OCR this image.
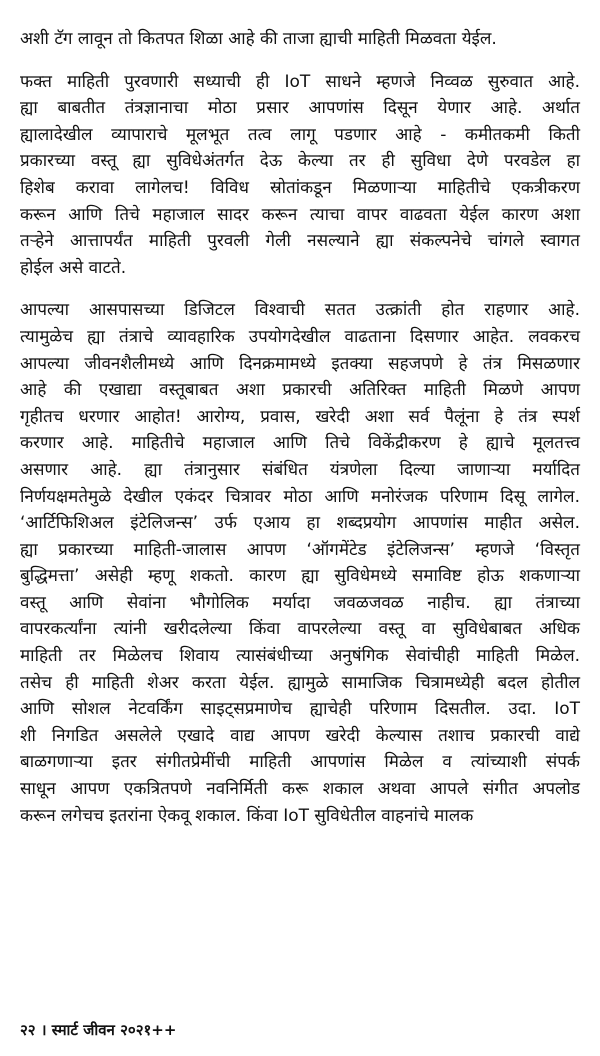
अशी टॅग लावून तो कितपत शिळा आहे की ताजा ह्याची माहिती मिळवता येईल.
फक्त माहिती पुरवणारी सध्याची ही IoT साधने म्हणजे निव्वळ सुरुवात आहे.
ह्या बाबतीत तंत्रज्ञानाचा मोठा प्रसार आपणांस दिसून येणार आहे. अर्थात
ह्यालादेखील व्यापाराचे मूलभूत तत्व लागू पडणार आहे - कमीतकमी किती
प्रकारच्या वस्तू ह्या सुविधेअंतर्गत देऊ केल्या तर ही सुविधा देणे परवडेल हा
हिशेब करावा लागेलच! विविध स्रोतांकडून मिळणाऱ्या माहितीचे एकत्रीकरण
करून आणि तिचे महाजाल सादर करून त्याचा वापर वाढवता येईल कारण अशा
तऱ्हेने आत्तापर्यंत माहिती पुरवली गेली नसल्याने ह्या संकल्पनेचे चांगले स्वागत
होईल असे वाटते.
आपल्या आसपासच्या डिजिटल विश्वाची सतत उत्क्रांती होत राहणार आहे.
त्यामुळेच ह्या तंत्राचे व्यावहारिक उपयोगदेखील वाढताना दिसणार आहेत. लवकरच
आपल्या जीवनशैलीमध्ये आणि दिनक्रमामध्ये इतक्या सहजपणे हे तंत्र मिसळणार
आहे की एखाद्या वस्तूबाबत अशा प्रकारची अतिरिक्त माहिती मिळणे आपण
गृहीतच धरणार आहोत! आरोग्य, प्रवास, खरेदी अशा सर्व पैलूंना हे तंत्र स्पर्श
करणार आहे. माहितीचे महाजाल आणि तिचे विकेंद्रीकरण हे ह्याचे मूलतत्त्व
असणार आहे. ह्या तंत्रानुसार संबंधित यंत्रणेला दिल्या जाणाऱ्या मर्यादित
निर्णयक्षमतेमुळे देखील एकंदर चित्रावर मोठा आणि मनोरंजक परिणाम दिसू लागेल.
‘आर्टिफिशिअल इंटेलिजन्स’ उर्फ एआय हा शब्दप्रयोग आपणांस माहीत असेल.
ह्या प्रकारच्या माहिती-जालास आपण ‘ऑगमेंटेड इंटेलिजन्स’ म्हणजे ‘विस्तृत
बुद्धिमत्ता’ असेही म्हणू शकतो. कारण ह्या सुविधेमध्ये समाविष्ट होऊ शकणाऱ्या
वस्तू आणि सेवांना भौगोलिक मर्यादा जवळजवळ नाहीच. ह्या तंत्राच्या
वापरकर्त्यांना त्यांनी खरीदलेल्या किंवा वापरलेल्या वस्तू वा सुविधेबाबत अधिक
माहिती तर मिळेलच शिवाय त्यासंबंधीच्या अनुषंगिक सेवांचीही माहिती मिळेल.
तसेच ही माहिती शेअर करता येईल. ह्यामुळे सामाजिक चित्रामध्येही बदल होतील
आणि सोशल नेटवर्किंग साइट्सप्रमाणेच ह्याचेही परिणाम दिसतील. उदा. IoT
शी निगडित असलेले एखादे वाद्य आपण खरेदी केल्यास तशाच प्रकारची वाद्ये
बाळगणाऱ्या इतर संगीतप्रेमींची माहिती आपणांस मिळेल व त्यांच्याशी संपर्क
साधून आपण एकत्रितपणे नवनिर्मिती करू शकाल अथवा आपले संगीत अपलोड
करून लगेचच इतरांना ऐकवू शकाल. किंवा IoT सुविधेतील वाहनांचे मालक
२२ । स्मार्ट जीवन २०२१++
